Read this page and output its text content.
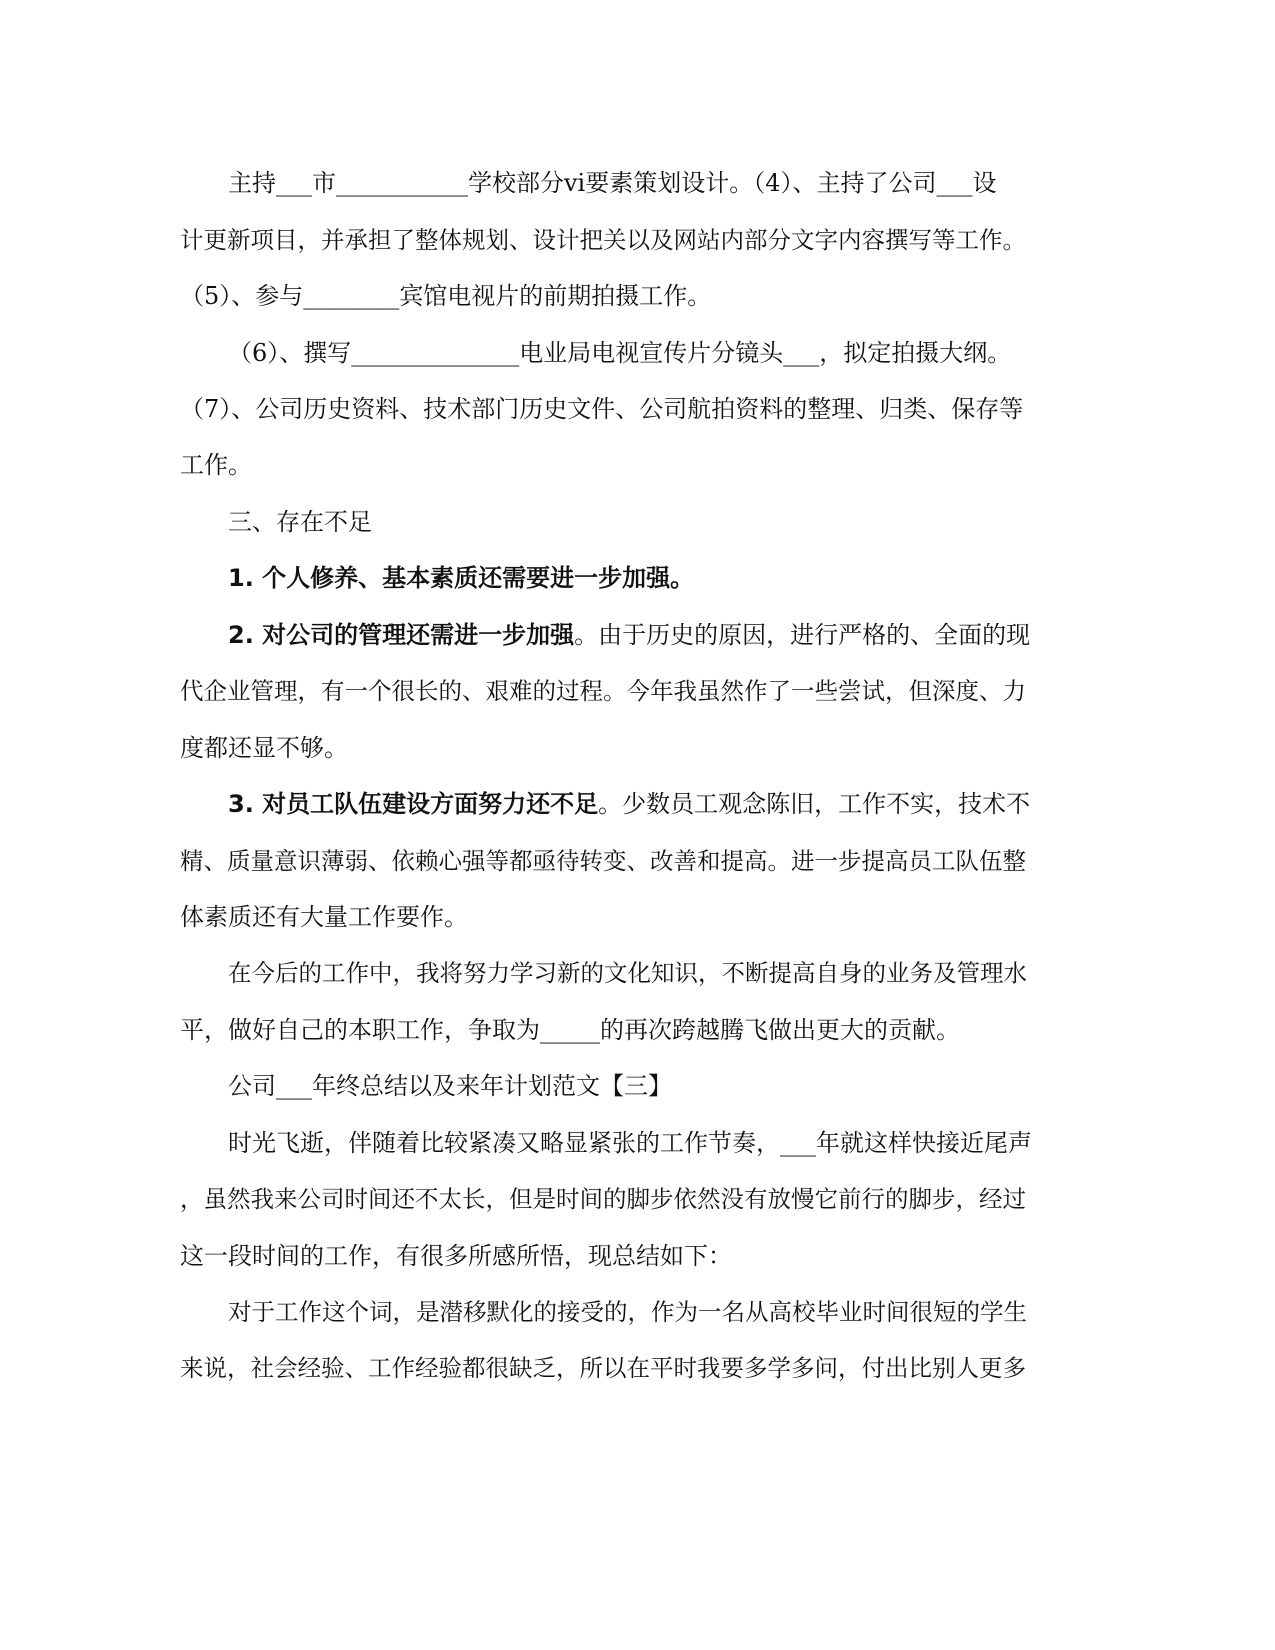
主持___市___________学校部分vi要素策划设计。（4）、主持了公司___设
计更新项目，并承担了整体规划、设计把关以及网站内部分文字内容撰写等工作。
（5）、参与________宾馆电视片的前期拍摄工作。
（6）、撰写______________电业局电视宣传片分镜头___，拟定拍摄大纲。
（7）、公司历史资料、技术部门历史文件、公司航拍资料的整理、归类、保存等
工作。
三、存在不足
1. 个人修养、基本素质还需要进一步加强。
2. 对公司的管理还需进一步加强。由于历史的原因，进行严格的、全面的现
代企业管理，有一个很长的、艰难的过程。今年我虽然作了一些尝试，但深度、力
度都还显不够。
3. 对员工队伍建设方面努力还不足。少数员工观念陈旧，工作不实，技术不
精、质量意识薄弱、依赖心强等都亟待转变、改善和提高。进一步提高员工队伍整
体素质还有大量工作要作。
在今后的工作中，我将努力学习新的文化知识，不断提高自身的业务及管理水
平，做好自己的本职工作，争取为_____的再次跨越腾飞做出更大的贡献。
公司___年终总结以及来年计划范文【三】
时光飞逝，伴随着比较紧凑又略显紧张的工作节奏，___年就这样快接近尾声
，虽然我来公司时间还不太长，但是时间的脚步依然没有放慢它前行的脚步，经过
这一段时间的工作，有很多所感所悟，现总结如下：
对于工作这个词，是潜移默化的接受的，作为一名从高校毕业时间很短的学生
来说，社会经验、工作经验都很缺乏，所以在平时我要多学多问，付出比别人更多
